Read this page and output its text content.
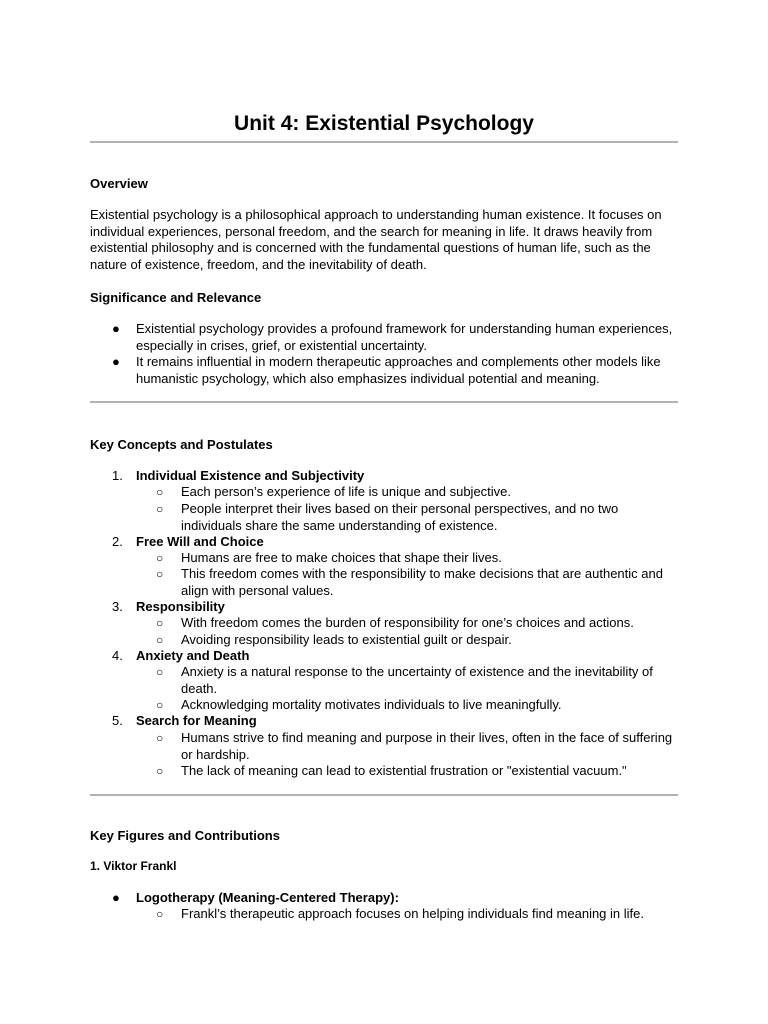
Unit 4: Existential Psychology
Overview
Existential psychology is a philosophical approach to understanding human existence. It focuses on individual experiences, personal freedom, and the search for meaning in life. It draws heavily from existential philosophy and is concerned with the fundamental questions of human life, such as the nature of existence, freedom, and the inevitability of death.
Significance and Relevance
● Existential psychology provides a profound framework for understanding human experiences, especially in crises, grief, or existential uncertainty.
● It remains influential in modern therapeutic approaches and complements other models like humanistic psychology, which also emphasizes individual potential and meaning.
Key Concepts and Postulates
1. Individual Existence and Subjectivity
○ Each person’s experience of life is unique and subjective.
○ People interpret their lives based on their personal perspectives, and no two individuals share the same understanding of existence.
2. Free Will and Choice
○ Humans are free to make choices that shape their lives.
○ This freedom comes with the responsibility to make decisions that are authentic and align with personal values.
3. Responsibility
○ With freedom comes the burden of responsibility for one’s choices and actions.
○ Avoiding responsibility leads to existential guilt or despair.
4. Anxiety and Death
○ Anxiety is a natural response to the uncertainty of existence and the inevitability of death.
○ Acknowledging mortality motivates individuals to live meaningfully.
5. Search for Meaning
○ Humans strive to find meaning and purpose in their lives, often in the face of suffering or hardship.
○ The lack of meaning can lead to existential frustration or "existential vacuum."
Key Figures and Contributions
1. Viktor Frankl
● Logotherapy (Meaning-Centered Therapy):
○ Frankl’s therapeutic approach focuses on helping individuals find meaning in life.
